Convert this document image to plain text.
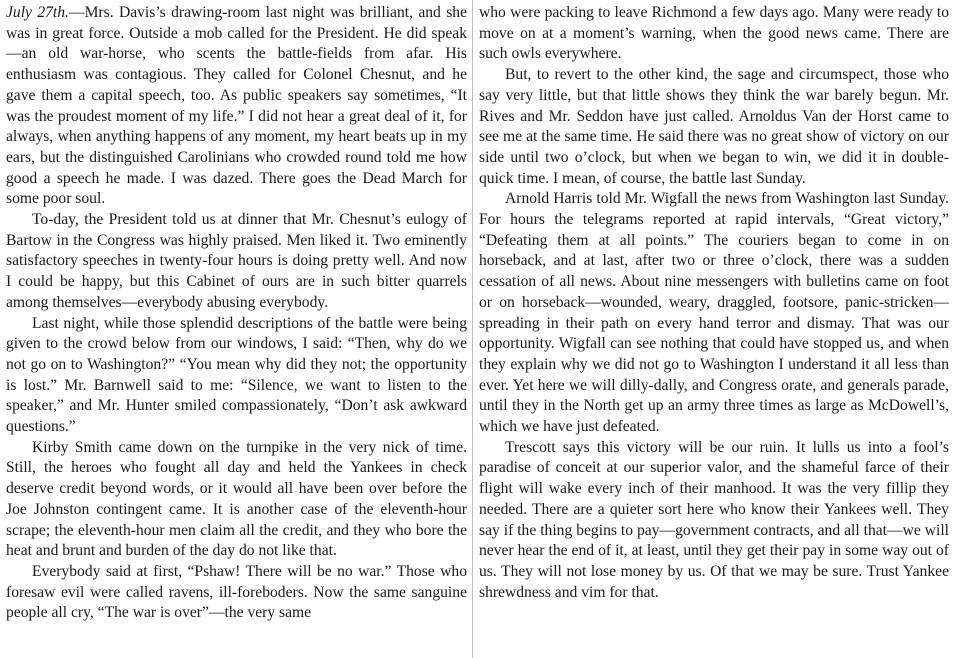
July 27th.—Mrs. Davis’s drawing-room last night was brilliant, and she was in great force. Outside a mob called for the President. He did speak—an old war-horse, who scents the battle-fields from afar. His enthusiasm was contagious. They called for Colonel Chesnut, and he gave them a capital speech, too. As public speakers say sometimes, “It was the proudest moment of my life.” I did not hear a great deal of it, for always, when anything happens of any moment, my heart beats up in my ears, but the distinguished Carolinians who crowded round told me how good a speech he made. I was dazed. There goes the Dead March for some poor soul.

To-day, the President told us at dinner that Mr. Chesnut’s eulogy of Bartow in the Congress was highly praised. Men liked it. Two eminently satisfactory speeches in twenty-four hours is doing pretty well. And now I could be happy, but this Cabinet of ours are in such bitter quarrels among themselves—everybody abusing everybody.

Last night, while those splendid descriptions of the battle were being given to the crowd below from our windows, I said: “Then, why do we not go on to Washington?” “You mean why did they not; the opportunity is lost.” Mr. Barnwell said to me: “Silence, we want to listen to the speaker,” and Mr. Hunter smiled compassionately, “Don’t ask awkward questions.”

Kirby Smith came down on the turnpike in the very nick of time. Still, the heroes who fought all day and held the Yankees in check deserve credit beyond words, or it would all have been over before the Joe Johnston contingent came. It is another case of the eleventh-hour scrape; the eleventh-hour men claim all the credit, and they who bore the heat and brunt and burden of the day do not like that.

Everybody said at first, “Pshaw! There will be no war.” Those who foresaw evil were called ravens, ill-foreboders. Now the same sanguine people all cry, “The war is over”—the very same

who were packing to leave Richmond a few days ago. Many were ready to move on at a moment’s warning, when the good news came. There are such owls everywhere.

But, to revert to the other kind, the sage and circumspect, those who say very little, but that little shows they think the war barely begun. Mr. Rives and Mr. Seddon have just called. Arnoldus Van der Horst came to see me at the same time. He said there was no great show of victory on our side until two o’clock, but when we began to win, we did it in double-quick time. I mean, of course, the battle last Sunday.

Arnold Harris told Mr. Wigfall the news from Washington last Sunday. For hours the telegrams reported at rapid intervals, “Great victory,” “Defeating them at all points.” The couriers began to come in on horseback, and at last, after two or three o’clock, there was a sudden cessation of all news. About nine messengers with bulletins came on foot or on horseback—wounded, weary, draggled, footsore, panic-stricken—spreading in their path on every hand terror and dismay. That was our opportunity. Wigfall can see nothing that could have stopped us, and when they explain why we did not go to Washington I understand it all less than ever. Yet here we will dilly-dally, and Congress orate, and generals parade, until they in the North get up an army three times as large as McDowell’s, which we have just defeated.

Trescott says this victory will be our ruin. It lulls us into a fool’s paradise of conceit at our superior valor, and the shameful farce of their flight will wake every inch of their manhood. It was the very fillip they needed. There are a quieter sort here who know their Yankees well. They say if the thing begins to pay—government contracts, and all that—we will never hear the end of it, at least, until they get their pay in some way out of us. They will not lose money by us. Of that we may be sure. Trust Yankee shrewdness and vim for that.
